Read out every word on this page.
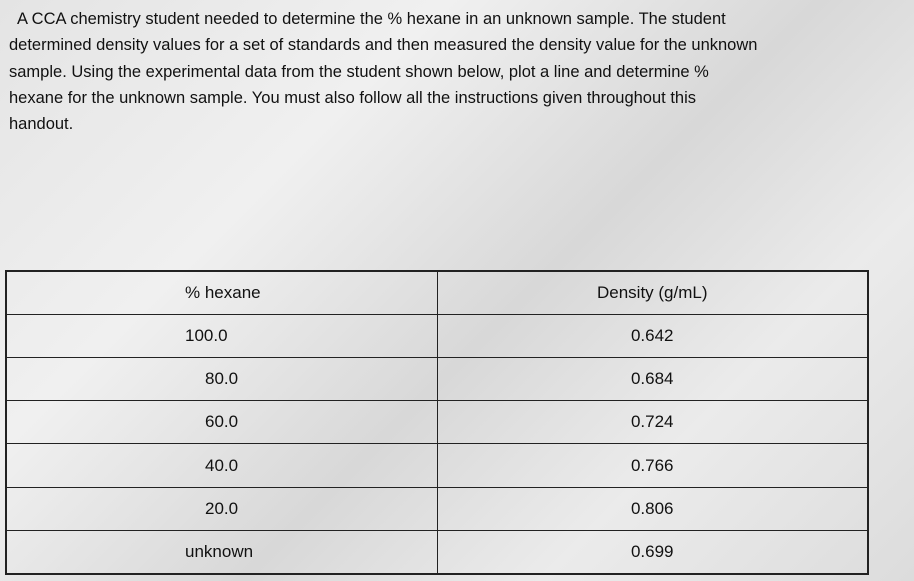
A CCA chemistry student needed to determine the % hexane in an unknown sample. The student
determined density values for a set of standards and then measured the density value for the unknown
sample. Using the experimental data from the student shown below, plot a line and determine %
hexane for the unknown sample. You must also follow all the instructions given throughout this
handout.
% hexane	Density (g/mL)
100.0	0.642
80.0	0.684
60.0	0.724
40.0	0.766
20.0	0.806
unknown	0.699
